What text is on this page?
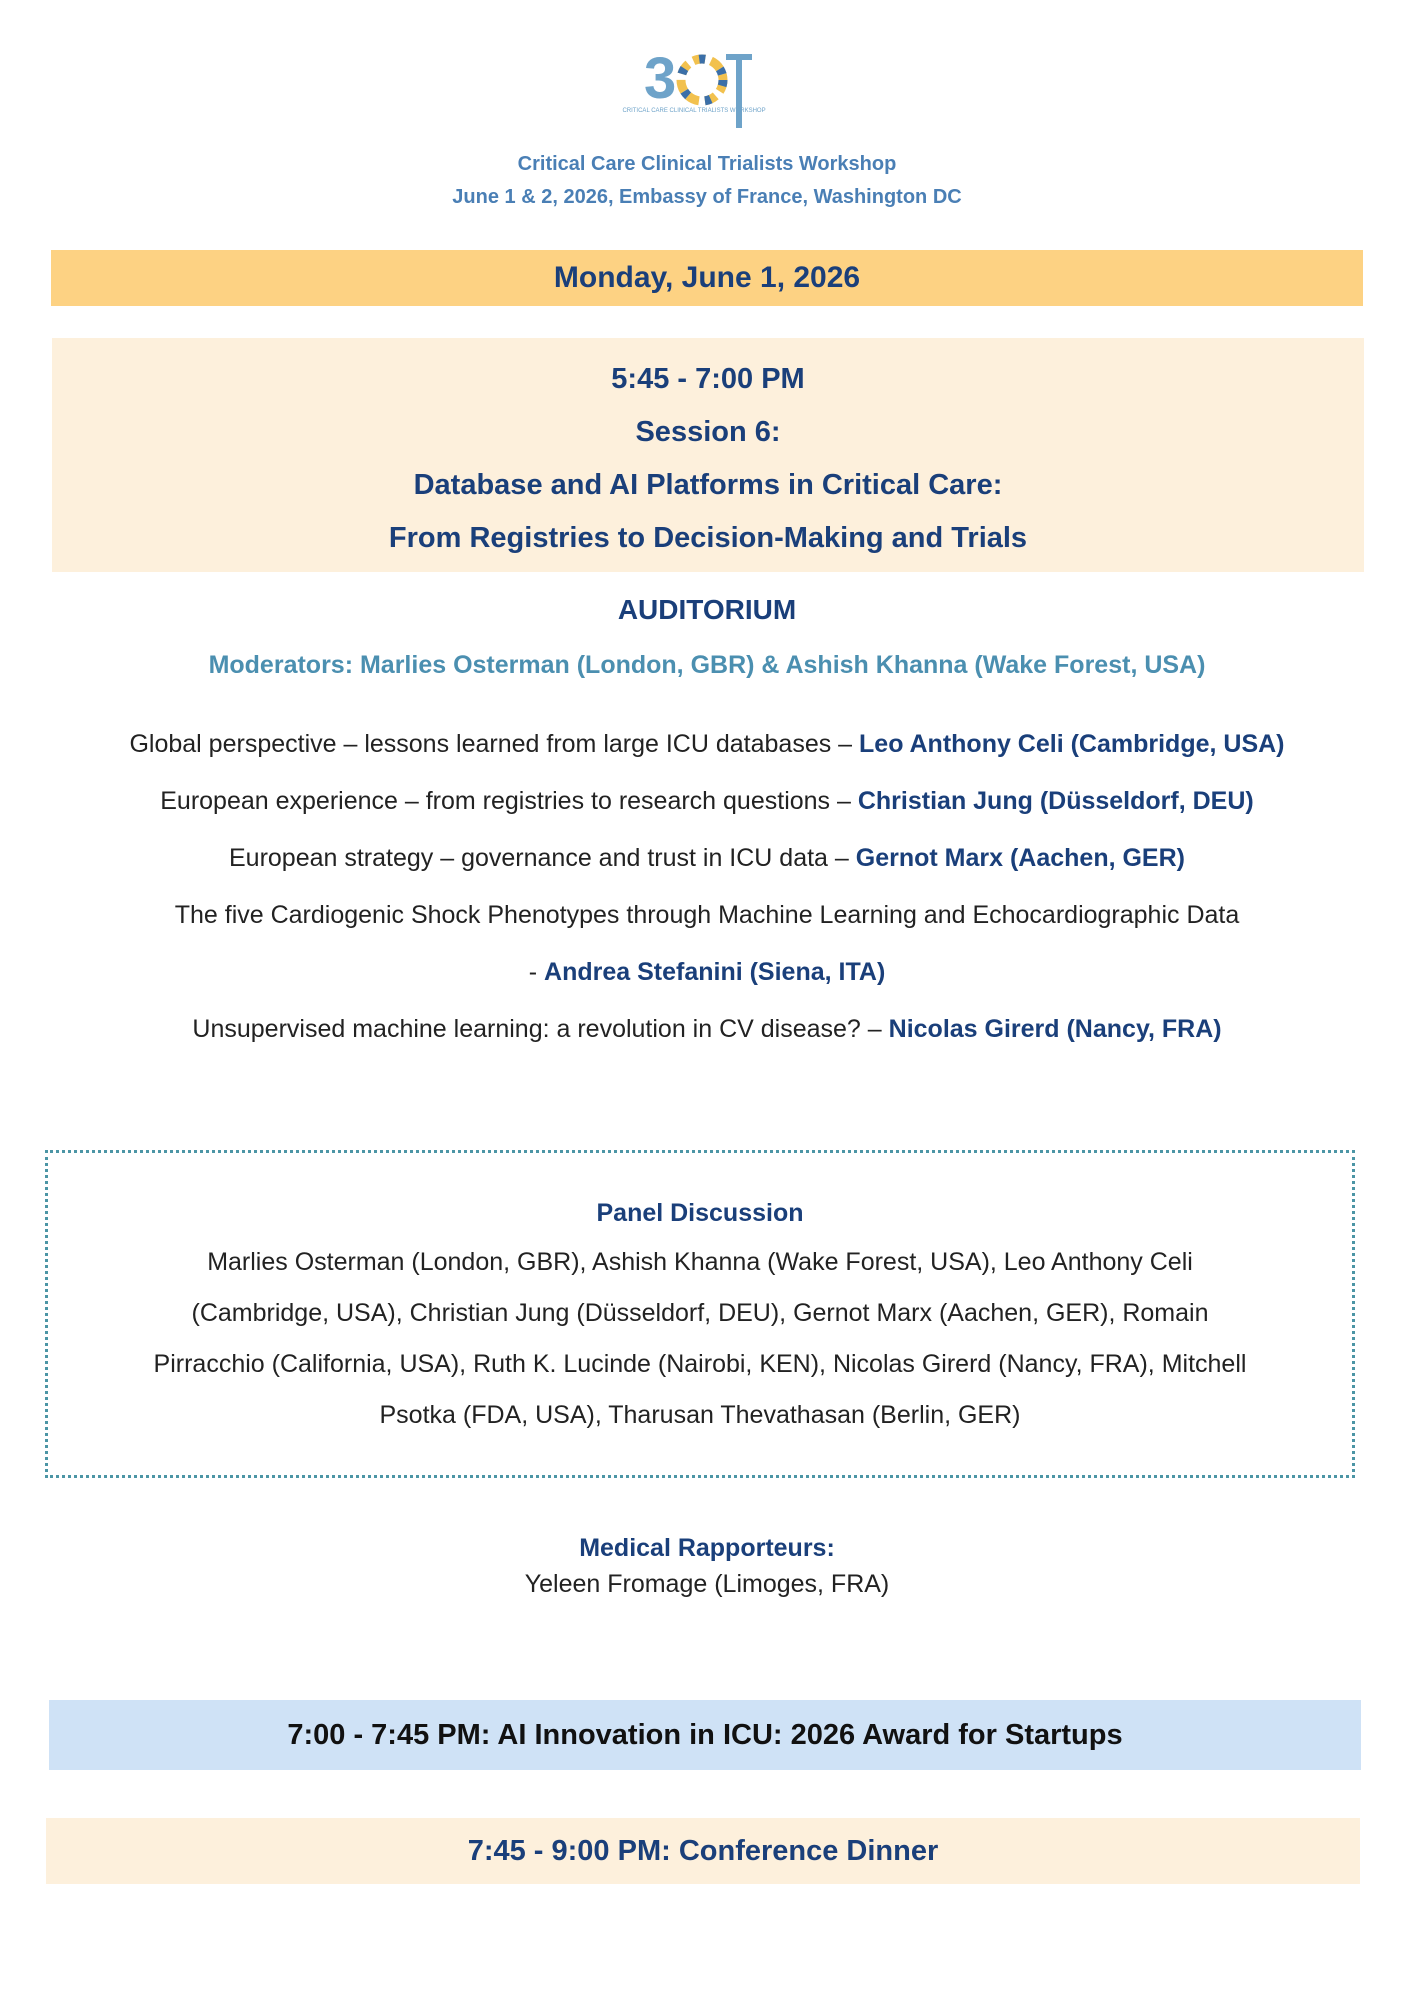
3
CRITICAL CARE CLINICAL TRIALISTS WORKSHOP
Critical Care Clinical Trialists Workshop
June 1 & 2, 2026, Embassy of France, Washington DC
Monday, June 1, 2026
5:45 - 7:00 PM
Session 6:
Database and AI Platforms in Critical Care:
From Registries to Decision-Making and Trials
AUDITORIUM
Moderators: Marlies Osterman (London, GBR) & Ashish Khanna (Wake Forest, USA)
Global perspective – lessons learned from large ICU databases – Leo Anthony Celi (Cambridge, USA)
European experience – from registries to research questions – Christian Jung (Düsseldorf, DEU)
European strategy – governance and trust in ICU data – Gernot Marx (Aachen, GER)
The five Cardiogenic Shock Phenotypes through Machine Learning and Echocardiographic Data
- Andrea Stefanini (Siena, ITA)
Unsupervised machine learning: a revolution in CV disease? – Nicolas Girerd (Nancy, FRA)
Panel Discussion
Marlies Osterman (London, GBR), Ashish Khanna (Wake Forest, USA), Leo Anthony Celi (Cambridge, USA), Christian Jung (Düsseldorf, DEU), Gernot Marx (Aachen, GER), Romain Pirracchio (California, USA), Ruth K. Lucinde (Nairobi, KEN), Nicolas Girerd (Nancy, FRA), Mitchell Psotka (FDA, USA), Tharusan Thevathasan (Berlin, GER)
Medical Rapporteurs:
Yeleen Fromage (Limoges, FRA)
7:00 - 7:45 PM: AI Innovation in ICU: 2026 Award for Startups
7:45 - 9:00 PM: Conference Dinner
